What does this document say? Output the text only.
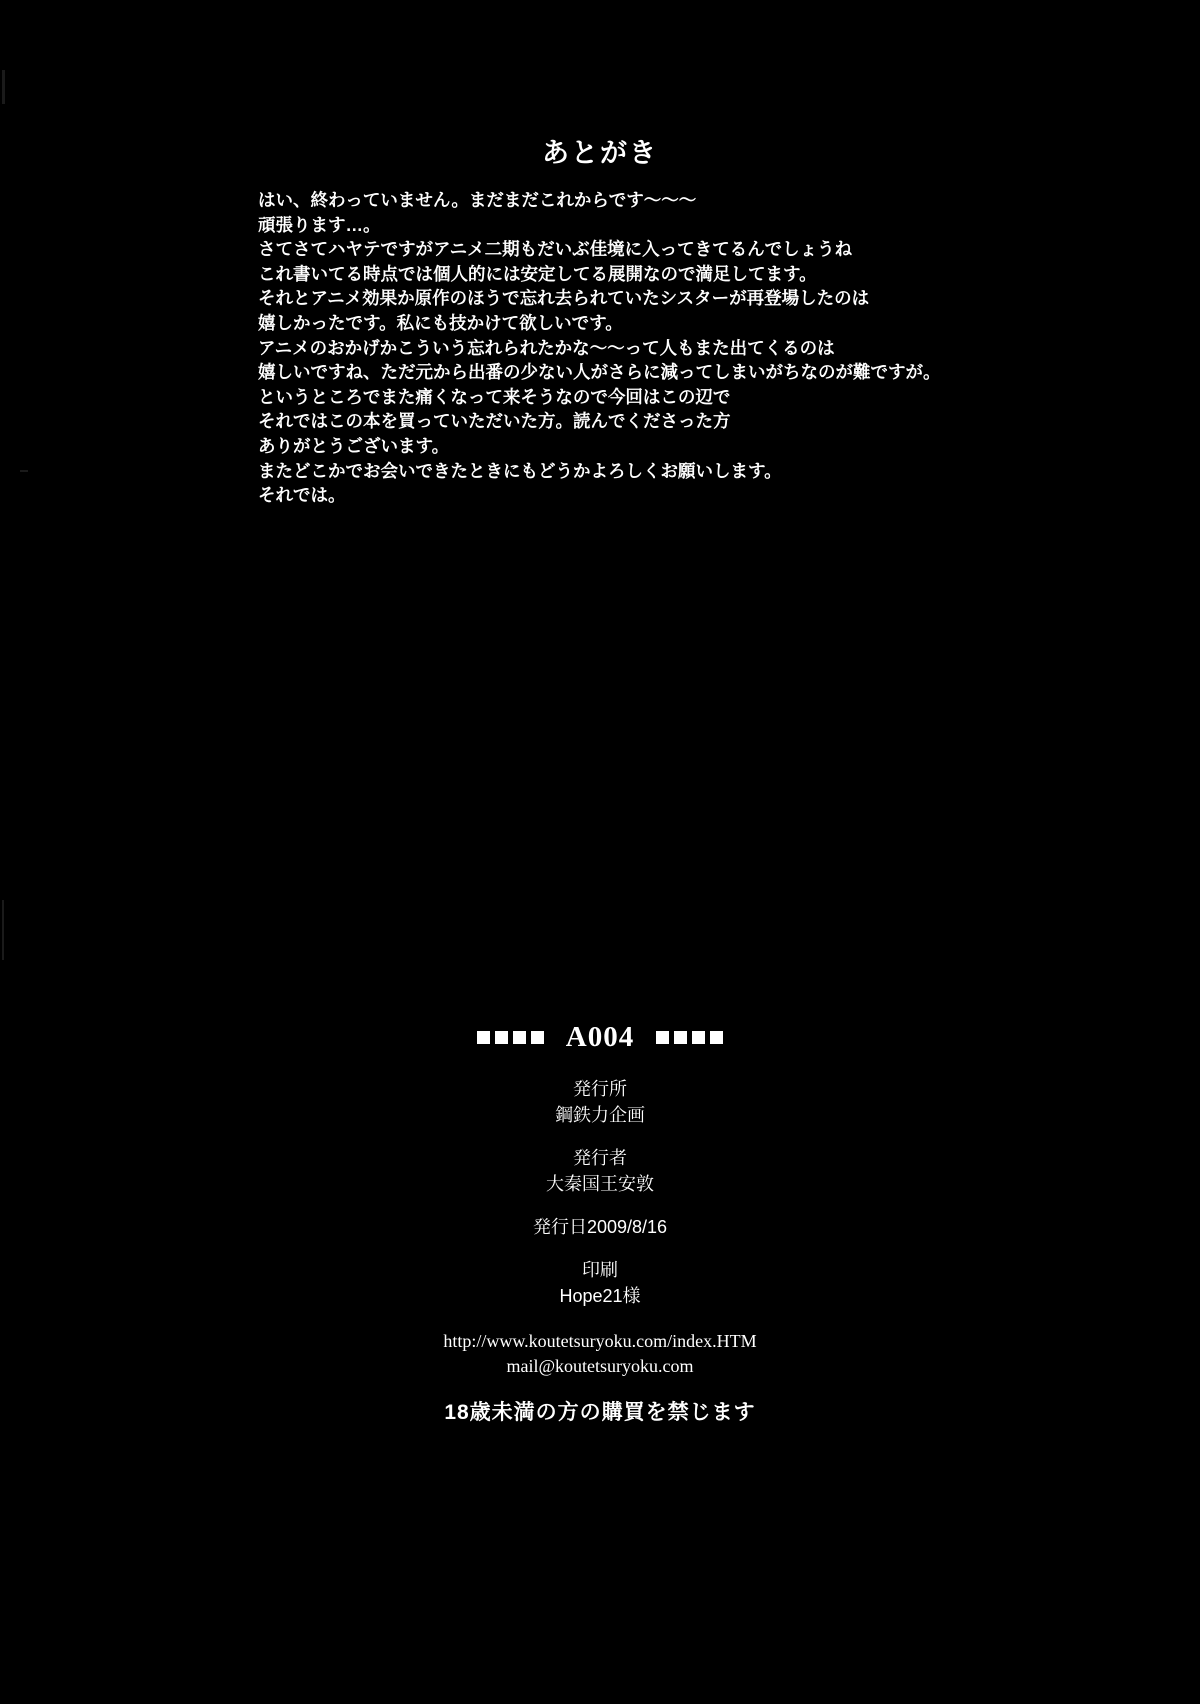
あとがき
はい、終わっていません。まだまだこれからです〜〜〜
頑張ります…。
さてさてハヤテですがアニメ二期もだいぶ佳境に入ってきてるんでしょうね
これ書いてる時点では個人的には安定してる展開なので満足してます。
それとアニメ効果か原作のほうで忘れ去られていたシスターが再登場したのは
嬉しかったです。私にも技かけて欲しいです。
アニメのおかげかこういう忘れられたかな〜〜って人もまた出てくるのは
嬉しいですね、ただ元から出番の少ない人がさらに減ってしまいがちなのが難ですが。
というところでまた痛くなって来そうなので今回はこの辺で
それではこの本を買っていただいた方。読んでくださった方
ありがとうございます。
またどこかでお会いできたときにもどうかよろしくお願いします。
それでは。
A004
発行所
鋼鉄力企画
発行者
大秦国王安敦
発行日2009/8/16
印刷
Hope21様
http://www.koutetsuryoku.com/index.HTM
mail@koutetsuryoku.com
18歳未満の方の購買を禁じます
